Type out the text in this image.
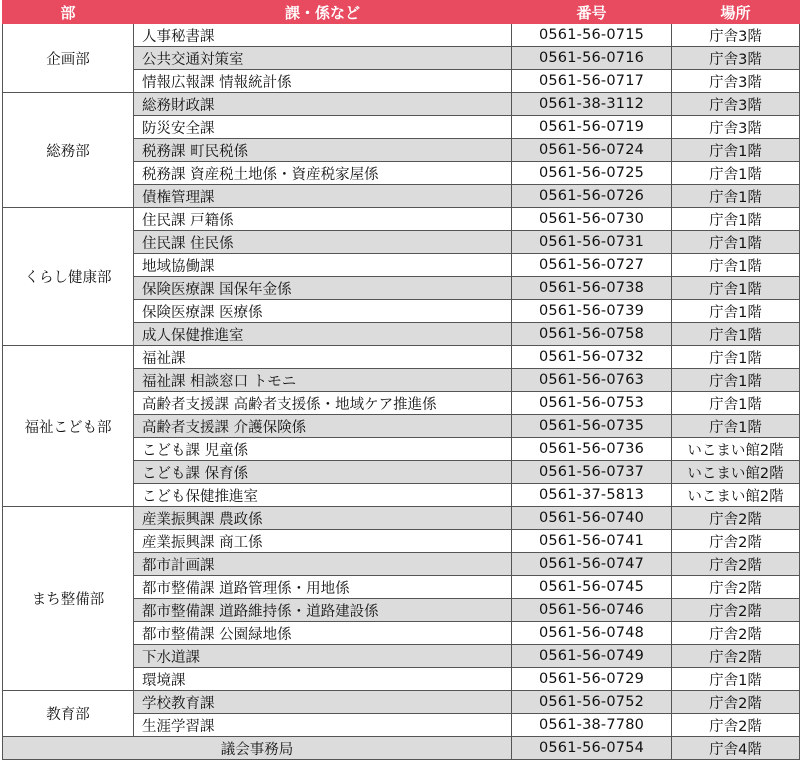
部	課・係など	番号	場所
企画部	人事秘書課	0561-56-0715	庁舎3階
	公共交通対策室	0561-56-0716	庁舎3階
	情報広報課 情報統計係	0561-56-0717	庁舎3階
総務部	総務財政課	0561-38-3112	庁舎3階
	防災安全課	0561-56-0719	庁舎3階
	税務課 町民税係	0561-56-0724	庁舎1階
	税務課 資産税土地係・資産税家屋係	0561-56-0725	庁舎1階
	債権管理課	0561-56-0726	庁舎1階
くらし健康部	住民課 戸籍係	0561-56-0730	庁舎1階
	住民課 住民係	0561-56-0731	庁舎1階
	地域協働課	0561-56-0727	庁舎1階
	保険医療課 国保年金係	0561-56-0738	庁舎1階
	保険医療課 医療係	0561-56-0739	庁舎1階
	成人保健推進室	0561-56-0758	庁舎1階
福祉こども部	福祉課	0561-56-0732	庁舎1階
	福祉課 相談窓口 トモニ	0561-56-0763	庁舎1階
	高齢者支援課 高齢者支援係・地域ケア推進係	0561-56-0753	庁舎1階
	高齢者支援課 介護保険係	0561-56-0735	庁舎1階
	こども課 児童係	0561-56-0736	いこまい館2階
	こども課 保育係	0561-56-0737	いこまい館2階
	こども保健推進室	0561-37-5813	いこまい館2階
まち整備部	産業振興課 農政係	0561-56-0740	庁舎2階
	産業振興課 商工係	0561-56-0741	庁舎2階
	都市計画課	0561-56-0747	庁舎2階
	都市整備課 道路管理係・用地係	0561-56-0745	庁舎2階
	都市整備課 道路維持係・道路建設係	0561-56-0746	庁舎2階
	都市整備課 公園緑地係	0561-56-0748	庁舎2階
	下水道課	0561-56-0749	庁舎2階
	環境課	0561-56-0729	庁舎1階
教育部	学校教育課	0561-56-0752	庁舎2階
	生涯学習課	0561-38-7780	庁舎2階
議会事務局		0561-56-0754	庁舎4階
